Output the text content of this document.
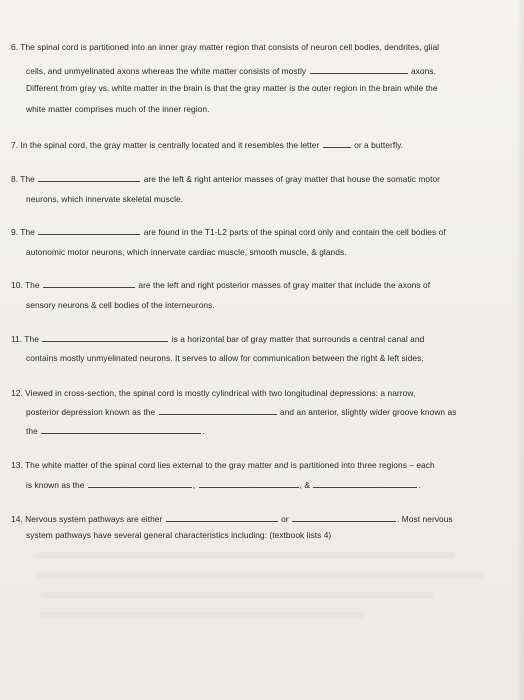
6. The spinal cord is partitioned into an inner gray matter region that consists of neuron cell bodies, dendrites, glial
cells, and unmyelinated axons whereas the white matter consists of mostly	axons.
Different from gray vs. white matter in the brain is that the gray matter is the outer region in the brain while the
white matter comprises much of the inner region.
7. In the spinal cord, the gray matter is centrally located and it resembles the letter	or a butterfly.
8. The	are the left & right anterior masses of gray matter that house the somatic motor
neurons, which innervate skeletal muscle.
9. The	are found in the T1-L2 parts of the spinal cord only and contain the cell bodies of
autonomic motor neurons, which innervate cardiac muscle, smooth muscle, & glands.
10. The	are the left and right posterior masses of gray matter that include the axons of
sensory neurons & cell bodies of the interneurons.
11. The	is a horizontal bar of gray matter that surrounds a central canal and
contains mostly unmyelinated neurons. It serves to allow for communication between the right & left sides.
12. Viewed in cross-section, the spinal cord is mostly cylindrical with two longitudinal depressions: a narrow,
posterior depression known as the	and an anterior, slightly wider groove known as
the	.
13. The white matter of the spinal cord lies external to the gray matter and is partitioned into three regions – each
is known as the	,	, &	.
14. Nervous system pathways are either	or	. Most nervous
system pathways have several general characteristics including: (textbook lists 4)
